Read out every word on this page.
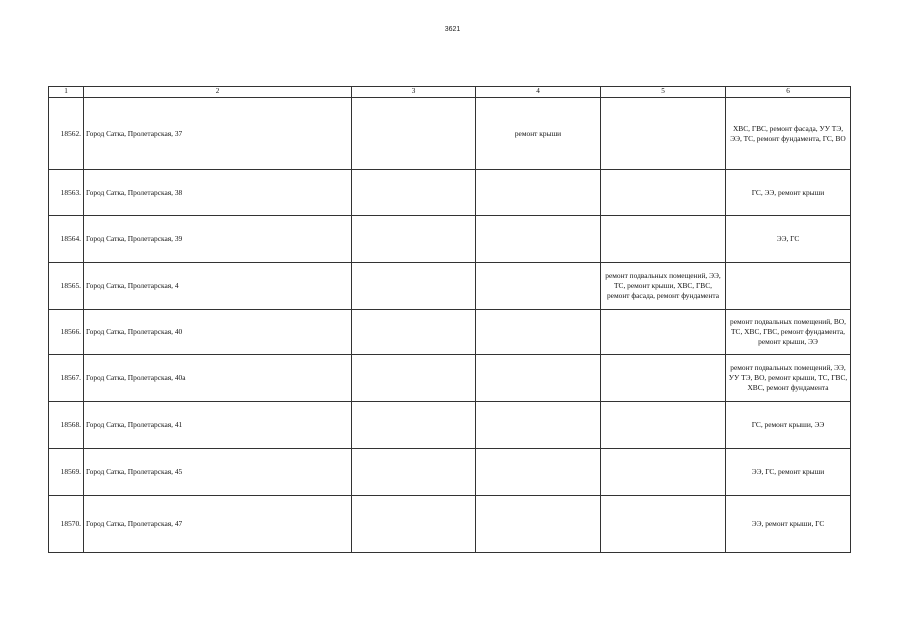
3621
1	2	3	4	5	6
18562.	Город Сатка, Пролетарская, 37		ремонт крыши		ХВС, ГВС, ремонт фасада, УУ ТЭ, ЭЭ, ТС, ремонт фундамента, ГС, ВО
18563.	Город Сатка, Пролетарская, 38				ГС, ЭЭ, ремонт крыши
18564.	Город Сатка, Пролетарская, 39				ЭЭ, ГС
18565.	Город Сатка, Пролетарская, 4			ремонт подвальных помещений, ЭЭ, ТС, ремонт крыши, ХВС, ГВС, ремонт фасада, ремонт фундамента	
18566.	Город Сатка, Пролетарская, 40				ремонт подвальных помещений, ВО, ТС, ХВС, ГВС, ремонт фундамента, ремонт крыши, ЭЭ
18567.	Город Сатка, Пролетарская, 40а				ремонт подвальных помещений, ЭЭ, УУ ТЭ, ВО, ремонт крыши, ТС, ГВС, ХВС, ремонт фундамента
18568.	Город Сатка, Пролетарская, 41				ГС, ремонт крыши, ЭЭ
18569.	Город Сатка, Пролетарская, 45				ЭЭ, ГС, ремонт крыши
18570.	Город Сатка, Пролетарская, 47				ЭЭ, ремонт крыши, ГС
